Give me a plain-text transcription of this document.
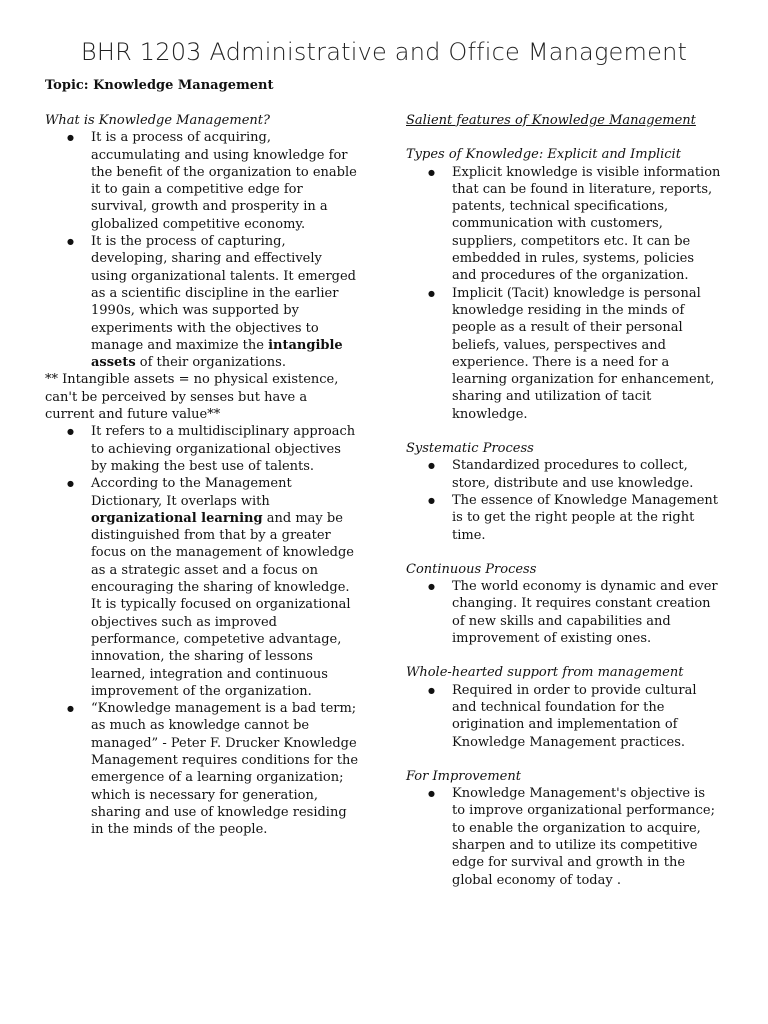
BHR 1203 Administrative and Office Management
Topic: Knowledge Management
What is Knowledge Management?
● It is a process of acquiring, accumulating and using knowledge for the benefit of the organization to enable it to gain a competitive edge for survival, growth and prosperity in a globalized competitive economy.
● It is the process of capturing, developing, sharing and effectively using organizational talents. It emerged as a scientific discipline in the earlier 1990s, which was supported by experiments with the objectives to manage and maximize the intangible assets of their organizations.

** Intangible assets = no physical existence, can't be perceived by senses but have a current and future value**

● It refers to a multidisciplinary approach to achieving organizational objectives by making the best use of talents.
● According to the Management Dictionary, It overlaps with organizational learning and may be distinguished from that by a greater focus on the management of knowledge as a strategic asset and a focus on encouraging the sharing of knowledge. It is typically focused on organizational objectives such as improved performance, competetive advantage, innovation, the sharing of lessons learned, integration and continuous improvement of the organization.
● “Knowledge management is a bad term; as much as knowledge cannot be managed” - Peter F. Drucker Knowledge Management requires conditions for the emergence of a learning organization; which is necessary for generation, sharing and use of knowledge residing in the minds of the people.
Salient features of Knowledge Management
Types of Knowledge: Explicit and Implicit
● Explicit knowledge is visible information that can be found in literature, reports, patents, technical specifications, communication with customers, suppliers, competitors etc. It can be embedded in rules, systems, policies and procedures of the organization.
● Implicit (Tacit) knowledge is personal knowledge residing in the minds of people as a result of their personal beliefs, values, perspectives and experience. There is a need for a learning organization for enhancement, sharing and utilization of tacit knowledge.
Systematic Process
● Standardized procedures to collect, store, distribute and use knowledge.
● The essence of Knowledge Management is to get the right people at the right time.
Continuous Process
● The world economy is dynamic and ever changing. It requires constant creation of new skills and capabilities and improvement of existing ones.
Whole-hearted support from management
● Required in order to provide cultural and technical foundation for the origination and implementation of Knowledge Management practices.
For Improvement
● Knowledge Management's objective is to improve organizational performance; to enable the organization to acquire, sharpen and to utilize its competitive edge for survival and growth in the global economy of today .
